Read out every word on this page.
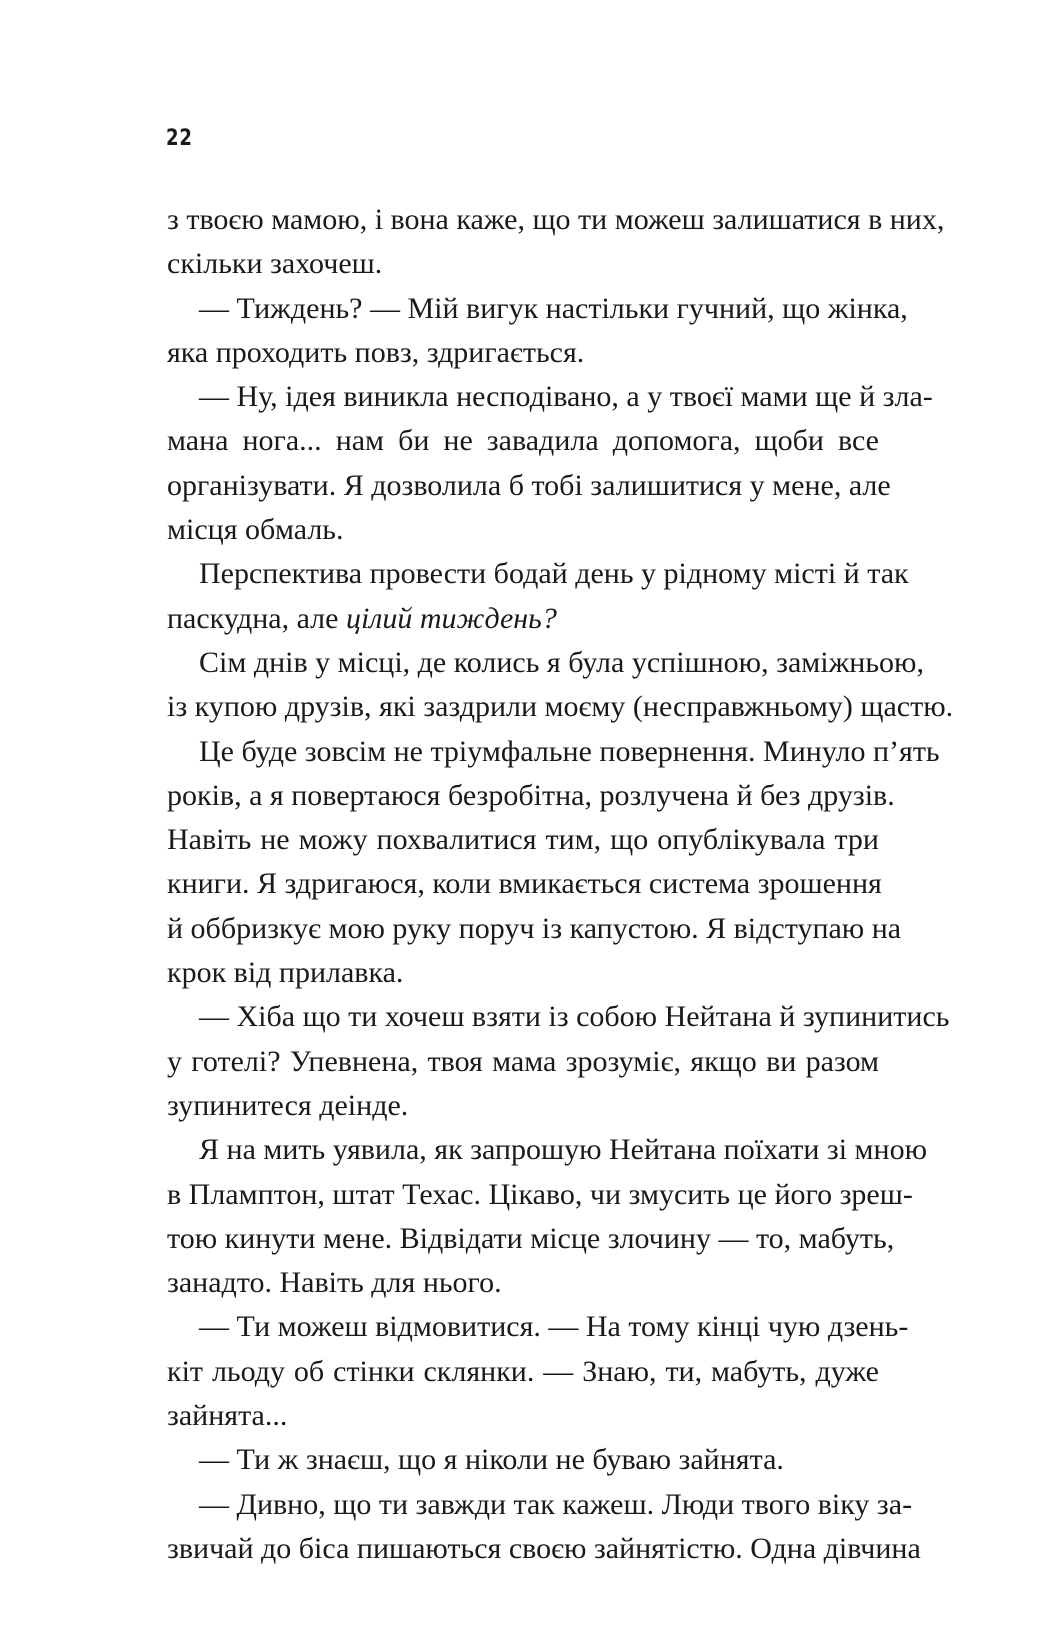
22
з твоєю мамою, і вона каже, що ти можеш залишатися в них,
скільки захочеш.
— Тиждень? — Мій вигук настільки гучний, що жінка,
яка проходить повз, здригається.
— Ну, ідея виникла несподівано, а у твоєї мами ще й зла-
мана нога... нам би не завадила допомога, щоби все
організувати. Я дозволила б тобі залишитися у мене, але
місця обмаль.
Перспектива провести бодай день у рідному місті й так
паскудна, але цілий тиждень?
Сім днів у місці, де колись я була успішною, заміжньою,
із купою друзів, які заздрили моєму (несправжньому) щастю.
Це буде зовсім не тріумфальне повернення. Минуло п’ять
років, а я повертаюся безробітна, розлучена й без друзів.
Навіть не можу похвалитися тим, що опублікувала три
книги. Я здригаюся, коли вмикається система зрошення
й оббризкує мою руку поруч із капустою. Я відступаю на
крок від прилавка.
— Хіба що ти хочеш взяти із собою Нейтана й зупинитись
у готелі? Упевнена, твоя мама зрозуміє, якщо ви разом
зупинитеся деінде.
Я на мить уявила, як запрошую Нейтана поїхати зі мною
в Пламптон, штат Техас. Цікаво, чи змусить це його зреш-
тою кинути мене. Відвідати місце злочину — то, мабуть,
занадто. Навіть для нього.
— Ти можеш відмовитися. — На тому кінці чую дзень-
кіт льоду об стінки склянки. — Знаю, ти, мабуть, дуже
зайнята...
— Ти ж знаєш, що я ніколи не буваю зайнята.
— Дивно, що ти завжди так кажеш. Люди твого віку за-
звичай до біса пишаються своєю зайнятістю. Одна дівчина
